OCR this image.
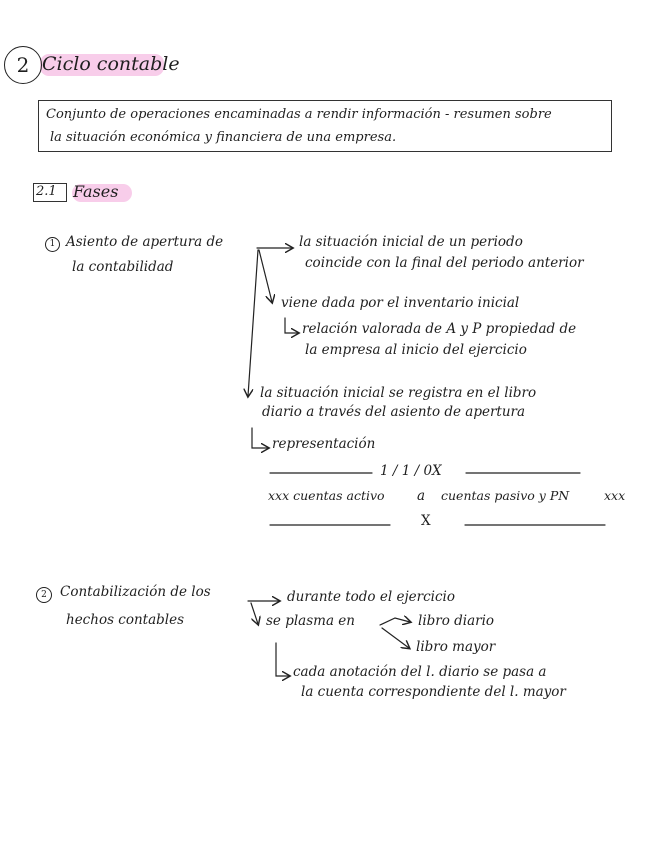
2 Ciclo contable
Conjunto de operaciones encaminadas a rendir información - resumen sobre
la situación económica y financiera de una empresa.
2.1 Fases
1 Asiento de apertura de
la contabilidad
la situación inicial de un periodo
coincide con la final del periodo anterior
viene dada por el inventario inicial
relación valorada de A y P propiedad de
la empresa al inicio del ejercicio
la situación inicial se registra en el libro
diario a través del asiento de apertura
representación
1 / 1 / 0X
xxx cuentas activo a cuentas pasivo y PN	xxx
X
2 Contabilización de los
hechos contables
durante todo el ejercicio
se plasma en	libro diario
libro mayor
cada anotación del l. diario se pasa a
la cuenta correspondiente del l. mayor
